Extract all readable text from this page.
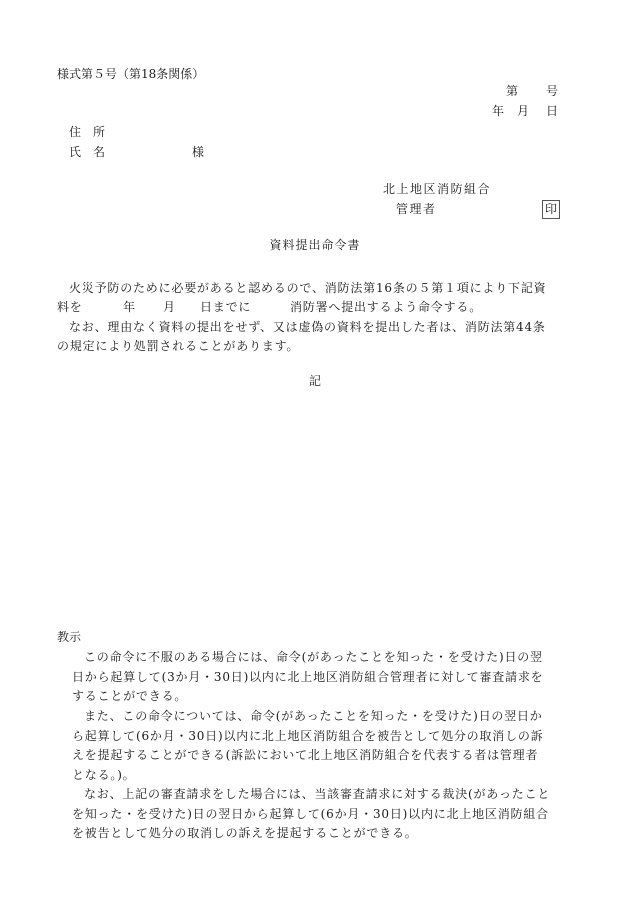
様式第５号（第18条関係）
第 号
年 月 日
住　所
氏　名	様
北上地区消防組合
管理者	印
資料提出命令書
火災予防のために必要があると認めるので、消防法第16条の５第１項により下記資
料を	年 月 日までに	消防署へ提出するよう命令する。
なお、理由なく資料の提出をせず、又は虚偽の資料を提出した者は、消防法第44条
の規定により処罰されることがあります。
記
教示
この命令に不服のある場合には、命令(があったことを知った・を受けた)日の翌
日から起算して(3か月・30日)以内に北上地区消防組合管理者に対して審査請求を
することができる。
また、この命令については、命令(があったことを知った・を受けた)日の翌日か
ら起算して(6か月・30日)以内に北上地区消防組合を被告として処分の取消しの訴
えを提起することができる(訴訟において北上地区消防組合を代表する者は管理者
となる。)。
なお、上記の審査請求をした場合には、当該審査請求に対する裁決(があったこと
を知った・を受けた)日の翌日から起算して(6か月・30日)以内に北上地区消防組合
を被告として処分の取消しの訴えを提起することができる。
